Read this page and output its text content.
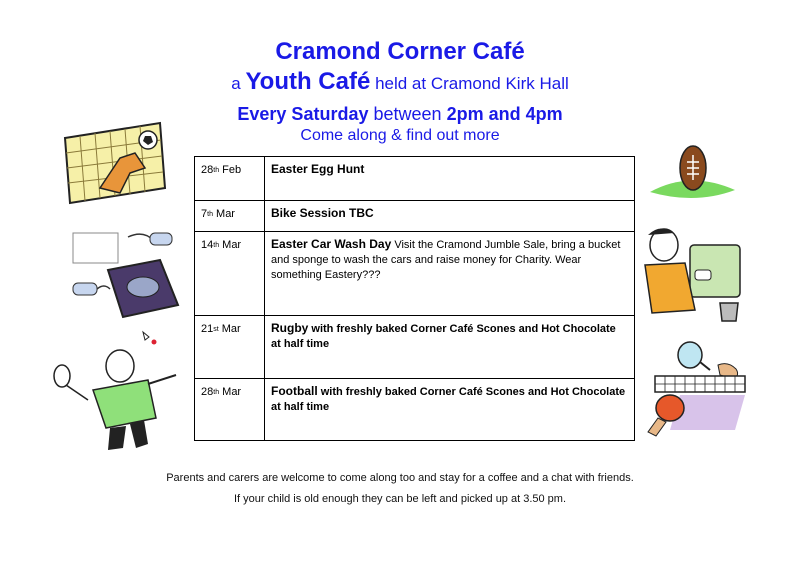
Cramond Corner Café
a Youth Café held at Cramond Kirk Hall
Every Saturday between 2pm and 4pm
Come along & find out more
28th Feb	Easter Egg Hunt
7th Mar	Bike Session TBC
14th Mar	Easter Car Wash Day Visit the Cramond Jumble Sale, bring a bucket and sponge to wash the cars and raise money for Charity. Wear something Eastery???
21st Mar	Rugby with freshly baked Corner Café Scones and Hot Chocolate at half time
28th Mar	Football with freshly baked Corner Café Scones and Hot Chocolate at half time
Parents and carers are welcome to come along too and stay for a coffee and a chat with friends.
If your child is old enough they can be left and picked up at 3.50 pm.
